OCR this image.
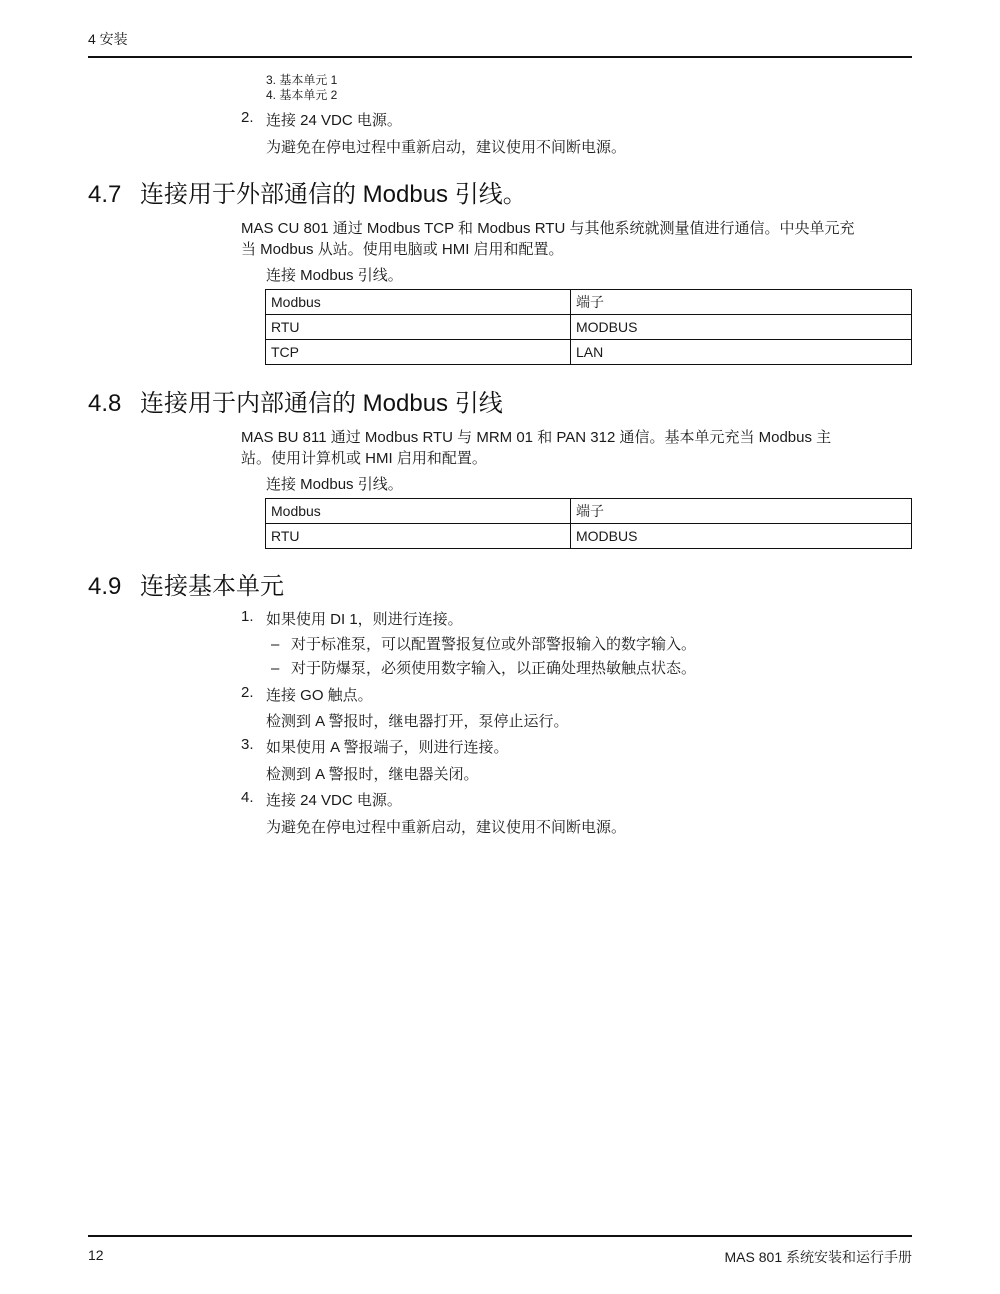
4 安装
3. 基本单元 1
4. 基本单元 2
2. 连接 24 VDC 电源。
为避免在停电过程中重新启动，建议使用不间断电源。
4.7 连接用于外部通信的 Modbus 引线。
MAS CU 801 通过 Modbus TCP 和 Modbus RTU 与其他系统就测量值进行通信。中央单元充
当 Modbus 从站。使用电脑或 HMI 启用和配置。
连接 Modbus 引线。
Modbus	端子
RTU	MODBUS
TCP	LAN
4.8 连接用于内部通信的 Modbus 引线
MAS BU 811 通过 Modbus RTU 与 MRM 01 和 PAN 312 通信。基本单元充当 Modbus 主
站。使用计算机或 HMI 启用和配置。
连接 Modbus 引线。
Modbus	端子
RTU	MODBUS
4.9 连接基本单元
1. 如果使用 DI 1，则进行连接。
– 对于标准泵，可以配置警报复位或外部警报输入的数字输入。
– 对于防爆泵，必须使用数字输入，以正确处理热敏触点状态。
2. 连接 GO 触点。
检测到 A 警报时，继电器打开，泵停止运行。
3. 如果使用 A 警报端子，则进行连接。
检测到 A 警报时，继电器关闭。
4. 连接 24 VDC 电源。
为避免在停电过程中重新启动，建议使用不间断电源。
12	MAS 801 系统安装和运行手册
